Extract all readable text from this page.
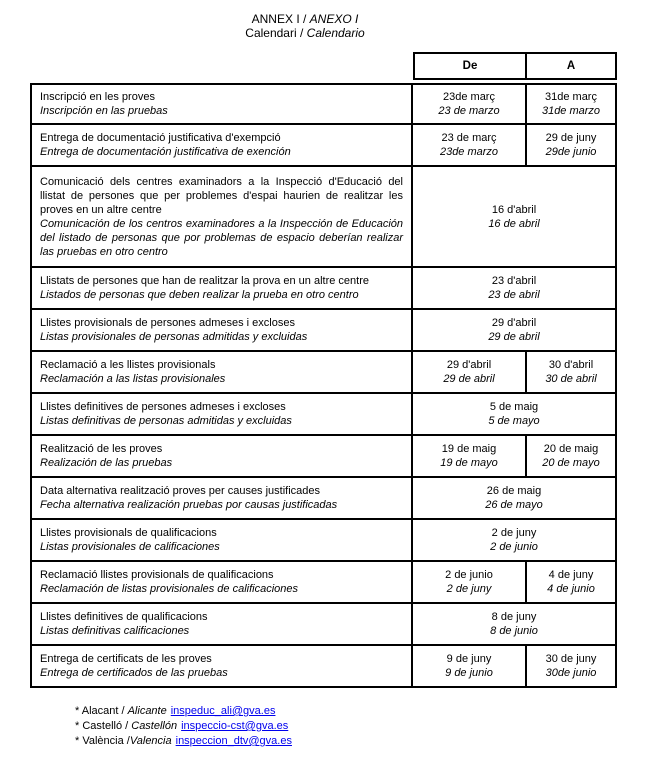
ANNEX I / ANEXO I
Calendari / Calendario
De	A
Inscripció en les proves
Inscripción en las pruebas
23de març
23 de marzo
31de març
31de marzo
Entrega de documentació justificativa d'exempció
Entrega de documentación justificativa de exención
23 de març
23de marzo
29 de juny
29de junio
Comunicació dels centres examinadors a la Inspecció d'Educació del llistat de persones que per problemes d'espai haurien de realitzar les proves en un altre centre
Comunicación de los centros examinadores a la Inspección de Educación del listado de personas que por problemas de espacio deberían realizar las pruebas en otro centro
16 d'abril
16 de abril
Llistats de persones que han de realitzar la prova en un altre centre
Listados de personas que deben realizar la prueba en otro centro
23 d'abril
23 de abril
Llistes provisionals de persones admeses i excloses
Listas provisionales de personas admitidas y excluidas
29 d'abril
29 de abril
Reclamació a les llistes provisionals
Reclamación a las listas provisionales
29 d'abril
29 de abril
30 d'abril
30 de abril
Llistes definitives de persones admeses i excloses
Listas definitivas de personas admitidas y excluidas
5 de maig
5 de mayo
Realització de les proves
Realización de las pruebas
19 de maig
19 de mayo
20 de maig
20 de mayo
Data alternativa realització proves per causes justificades
Fecha alternativa realización pruebas por causas justificadas
26 de maig
26 de mayo
Llistes provisionals de qualificacions
Listas provisionales de calificaciones
2 de juny
2 de junio
Reclamació llistes provisionals de qualificacions
Reclamación de listas provisionales de calificaciones
2 de junio
2 de juny
4 de juny
4 de junio
Llistes definitives de qualificacions
Listas definitivas calificaciones
8 de juny
8 de junio
Entrega de certificats de les proves
Entrega de certificados de las pruebas
9 de juny
9 de junio
30 de juny
30de junio
* Alacant / Alicante inspeduc_ali@gva.es
* Castelló / Castellón inspeccio-cst@gva.es
* València /Valencia inspeccion_dtv@gva.es
